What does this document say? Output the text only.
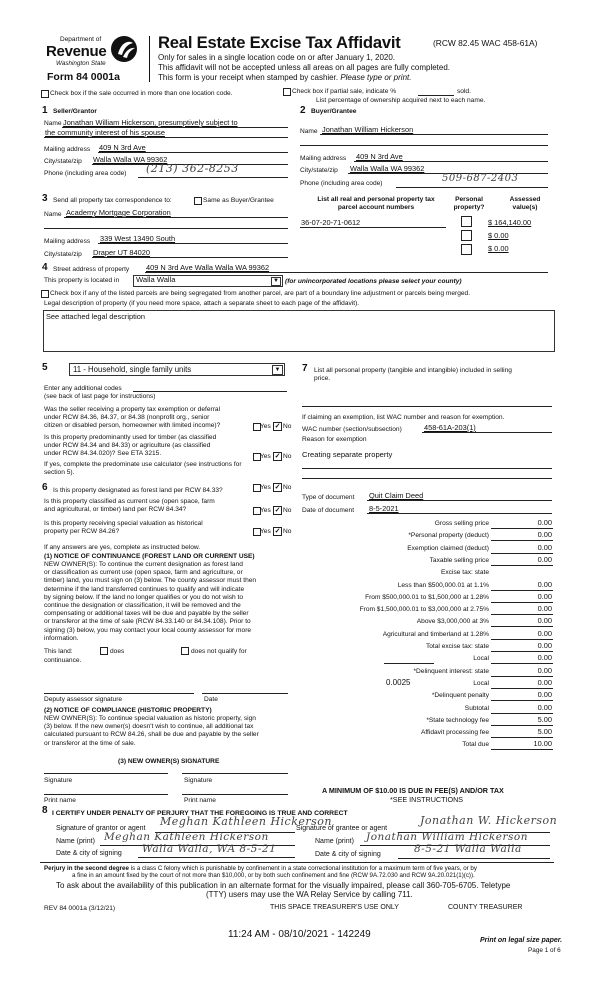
Department of
Revenue
Washington State
Form 84 0001a
Real Estate Excise Tax Affidavit	(RCW 82.45 WAC 458-61A)
Only for sales in a single location code on or after January 1, 2020.
This affidavit will not be accepted unless all areas on all pages are fully completed.
This form is your receipt when stamped by cashier. Please type or print.
Check box if the sale occurred in more than one location code.	Check box if partial sale, indicate %	sold.
List percentage of ownership acquired next to each name.
1 Seller/Grantor
Name Jonathan William Hickerson, presumptively subject to
the community interest of his spouse
Mailing address 409 N 3rd Ave
City/state/zip Walla Walla WA 99362
Phone (including area code) (213) 362-8253
2 Buyer/Grantee
Name Jonathan William Hickerson
Mailing address 409 N 3rd Ave
City/state/zip Walla Walla WA 99362
Phone (including area code)	509-687-2403
3 Send all property tax correspondence to:	Same as Buyer/Grantee
Name Academy Mortgage Corporation
Mailing address 339 West 13490 South
City/state/zip Draper UT 84020
List all real and personal property tax
parcel account numbers
Personal
property?
Assessed
value(s)
36-07-20-71-0612	$ 164,140.00
$ 0.00
$ 0.00
4 Street address of property 409 N 3rd Ave Walla Walla WA 99362
This property is located in Walla Walla	▼ (for unincorporated locations please select your county)
Check box if any of the listed parcels are being segregated from another parcel, are part of a boundary line adjustment or parcels being merged.
Legal description of property (if you need more space, attach a separate sheet to each page of the affidavit).
See attached legal description
5	11 - Household, single family units	▼
Enter any additional codes
(see back of last page for instructions)
Was the seller receiving a property tax exemption or deferral
under RCW 84.36, 84.37, or 84.38 (nonprofit org., senior
citizen or disabled person, homeowner with limited income)?	Yes ✓ No
Is this property predominantly used for timber (as classified
under RCW 84.34 and 84.33) or agriculture (as classified
under RCW 84.34.020)? See ETA 3215.	Yes ✓ No
If yes, complete the predominate use calculator (see instructions for
section 5).
6 Is this property designated as forest land per RCW 84.33?	Yes ✓ No
Is this property classified as current use (open space, farm
and agricultural, or timber) land per RCW 84.34?	Yes ✓ No
Is this property receiving special valuation as historical
property per RCW 84.26?	Yes ✓ No
If any answers are yes, complete as instructed below.
(1) NOTICE OF CONTINUANCE (FOREST LAND OR CURRENT USE)
NEW OWNER(S): To continue the current designation as forest land
or classification as current use (open space, farm and agriculture, or
timber) land, you must sign on (3) below. The county assessor must then
determine if the land transferred continues to qualify and will indicate
by signing below. If the land no longer qualifies or you do not wish to
continue the designation or classification, it will be removed and the
compensating or additional taxes will be due and payable by the seller
or transferor at the time of sale (RCW 84.33.140 or 84.34.108). Prior to
signing (3) below, you may contact your local county assessor for more
information.
This land:	does	does not qualify for
continuance.
Deputy assessor signature	Date
(2) NOTICE OF COMPLIANCE (HISTORIC PROPERTY)
NEW OWNER(S): To continue special valuation as historic property, sign
(3) below. If the new owner(s) doesn't wish to continue, all additional tax
calculated pursuant to RCW 84.26, shall be due and payable by the seller
or transferor at the time of sale.
(3) NEW OWNER(S) SIGNATURE
Signature	Signature
Print name	Print name
7 List all personal property (tangible and intangible) included in selling
price.
If claiming an exemption, list WAC number and reason for exemption.
WAC number (section/subsection)	458-61A-203(1)
Reason for exemption
Creating separate property
Type of document Quit Claim Deed
Date of document 8-5-2021
Gross selling price	0.00
*Personal property (deduct)	0.00
Exemption claimed (deduct)	0.00
Taxable selling price	0.00
Excise tax: state
Less than $500,000.01 at 1.1%	0.00
From $500,000.01 to $1,500,000 at 1.28%	0.00
From $1,500,000.01 to $3,000,000 at 2.75%	0.00
Above $3,000,000 at 3%	0.00
Agricultural and timberland at 1.28%	0.00
Total excise tax: state	0.00
Local	0.00
*Delinquent interest: state	0.00
Local	0.00
*Delinquent penalty	0.00
Subtotal	0.00
*State technology fee	5.00
Affidavit processing fee	5.00
Total due	10.00
0.0025
A MINIMUM OF $10.00 IS DUE IN FEE(S) AND/OR TAX
*SEE INSTRUCTIONS
8 I CERTIFY UNDER PENALTY OF PERJURY THAT THE FOREGOING IS TRUE AND CORRECT
Signature of grantor or agent
Meghan Kathleen Hickerson
Name (print) Meghan Kathleen Hickerson
Date & city of signing Walla Walla, WA 8-5-21
Signature of grantee or agent
Jonathan W. Hickerson
Name (print) Jonathan William Hickerson
Date & city of signing	8-5-21 Walla Walla
Perjury in the second degree is a class C felony which is punishable by confinement in a state correctional institution for a maximum term of five years, or by
a fine in an amount fixed by the court of not more than $10,000, or by both such confinement and fine (RCW 9A.72.030 and RCW 9A.20.021(1)(c)).
To ask about the availability of this publication in an alternate format for the visually impaired, please call 360-705-6705. Teletype
(TTY) users may use the WA Relay Service by calling 711.
REV 84 0001a (3/12/21)	THIS SPACE TREASURER'S USE ONLY	COUNTY TREASURER
11:24 AM - 08/10/2021 - 142249
Print on legal size paper.
Page 1 of 6
